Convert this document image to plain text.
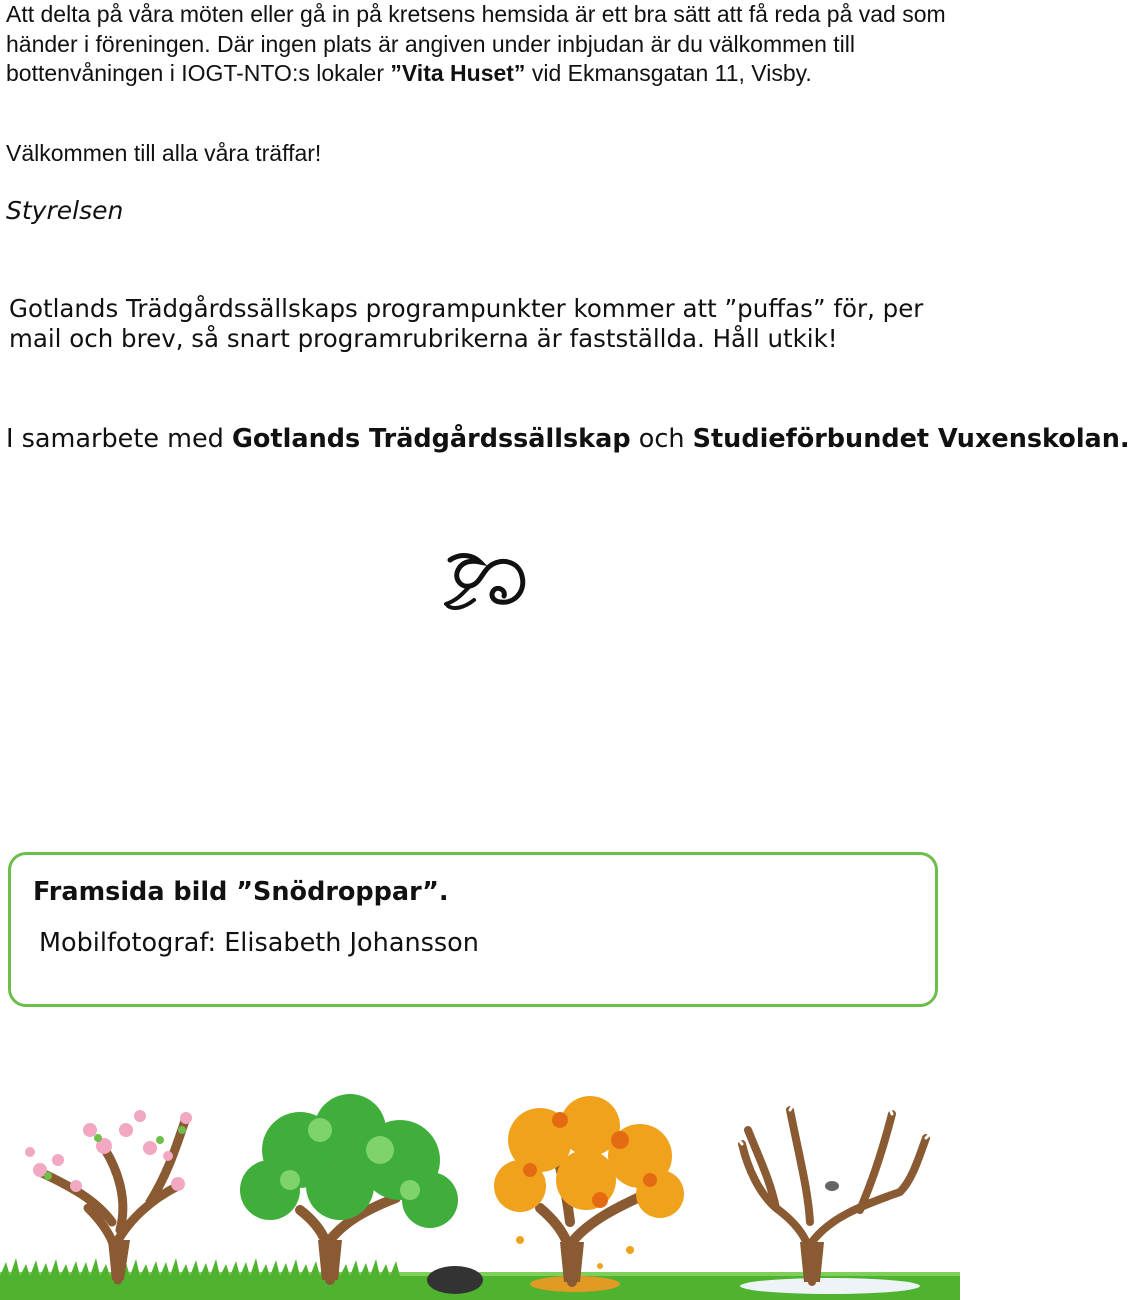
Att delta på våra möten eller gå in på kretsens hemsida är ett bra sätt att få reda på vad som händer i föreningen. Där ingen plats är angiven under inbjudan är du välkommen till bottenvåningen i IOGT-NTO:s lokaler ”Vita Huset” vid Ekmansgatan 11, Visby.

Välkommen till alla våra träffar!

Styrelsen

Gotlands Trädgårdssällskaps programpunkter kommer att ”puffas” för, per mail och brev, så snart programrubrikerna är fastställda. Håll utkik!

I samarbete med Gotlands Trädgårdssällskap och Studieförbundet Vuxenskolan.

Framsida bild ”Snödroppar”.

Mobilfotograf: Elisabeth Johansson
